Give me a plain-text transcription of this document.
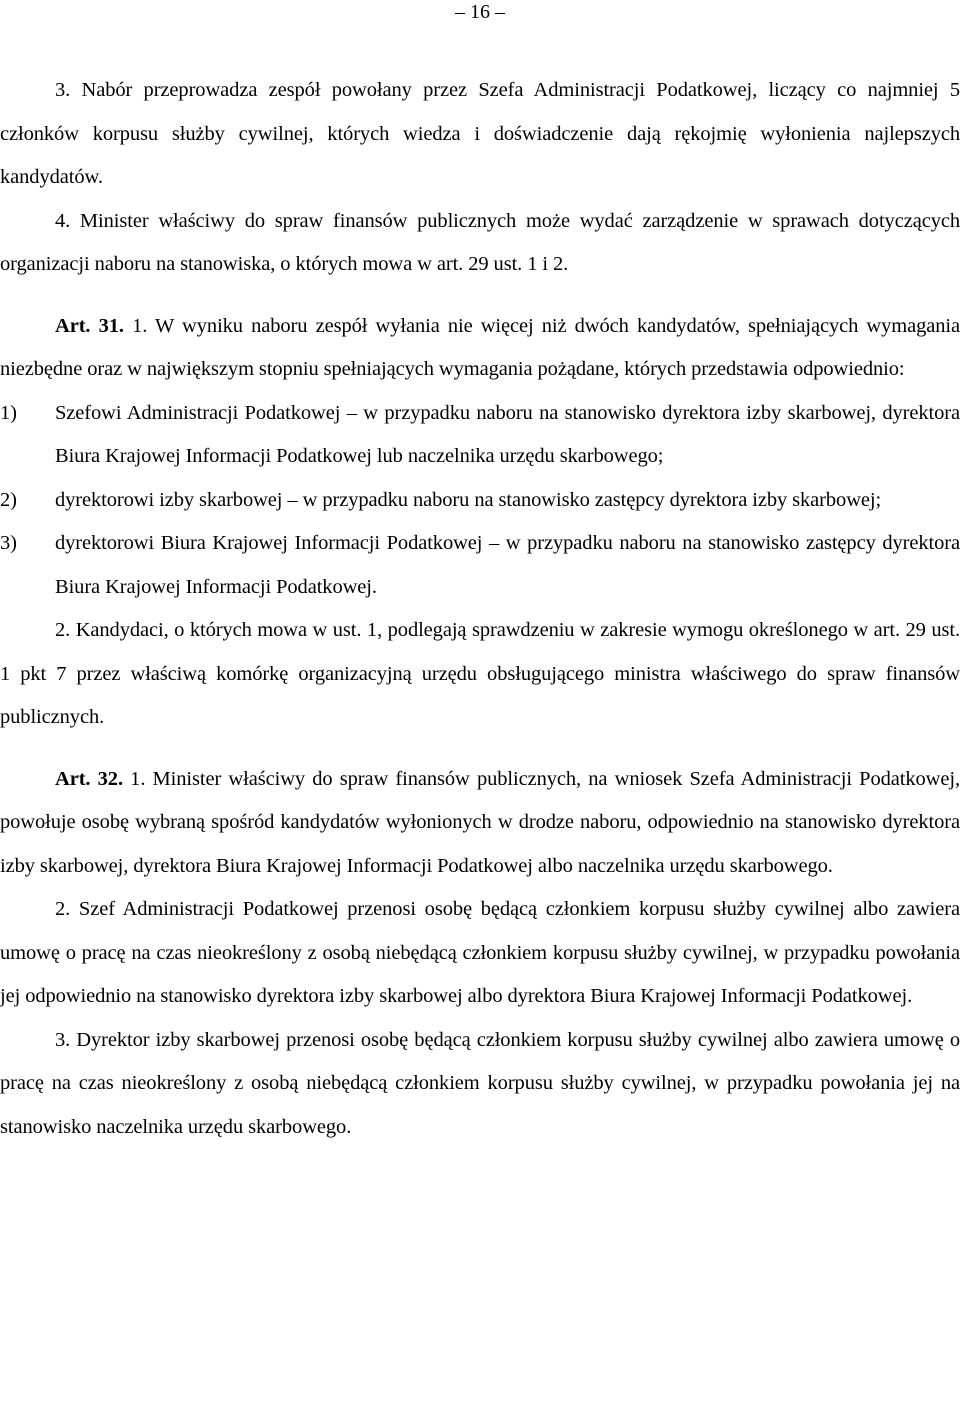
– 16 –

3. Nabór przeprowadza zespół powołany przez Szefa Administracji Podatkowej, liczący co najmniej 5 członków korpusu służby cywilnej, których wiedza i doświadczenie dają rękojmię wyłonienia najlepszych kandydatów.

4. Minister właściwy do spraw finansów publicznych może wydać zarządzenie w sprawach dotyczących organizacji naboru na stanowiska, o których mowa w art. 29 ust. 1 i 2.

Art. 31. 1. W wyniku naboru zespół wyłania nie więcej niż dwóch kandydatów, spełniających wymagania niezbędne oraz w największym stopniu spełniających wymagania pożądane, których przedstawia odpowiednio:

1) Szefowi Administracji Podatkowej – w przypadku naboru na stanowisko dyrektora izby skarbowej, dyrektora Biura Krajowej Informacji Podatkowej lub naczelnika urzędu skarbowego;
2) dyrektorowi izby skarbowej – w przypadku naboru na stanowisko zastępcy dyrektora izby skarbowej;
3) dyrektorowi Biura Krajowej Informacji Podatkowej – w przypadku naboru na stanowisko zastępcy dyrektora Biura Krajowej Informacji Podatkowej.

2. Kandydaci, o których mowa w ust. 1, podlegają sprawdzeniu w zakresie wymogu określonego w art. 29 ust. 1 pkt 7 przez właściwą komórkę organizacyjną urzędu obsługującego ministra właściwego do spraw finansów publicznych.

Art. 32. 1. Minister właściwy do spraw finansów publicznych, na wniosek Szefa Administracji Podatkowej, powołuje osobę wybraną spośród kandydatów wyłonionych w drodze naboru, odpowiednio na stanowisko dyrektora izby skarbowej, dyrektora Biura Krajowej Informacji Podatkowej albo naczelnika urzędu skarbowego.

2. Szef Administracji Podatkowej przenosi osobę będącą członkiem korpusu służby cywilnej albo zawiera umowę o pracę na czas nieokreślony z osobą niebędącą członkiem korpusu służby cywilnej, w przypadku powołania jej odpowiednio na stanowisko dyrektora izby skarbowej albo dyrektora Biura Krajowej Informacji Podatkowej.

3. Dyrektor izby skarbowej przenosi osobę będącą członkiem korpusu służby cywilnej albo zawiera umowę o pracę na czas nieokreślony z osobą niebędącą członkiem korpusu służby cywilnej, w przypadku powołania jej na stanowisko naczelnika urzędu skarbowego.
